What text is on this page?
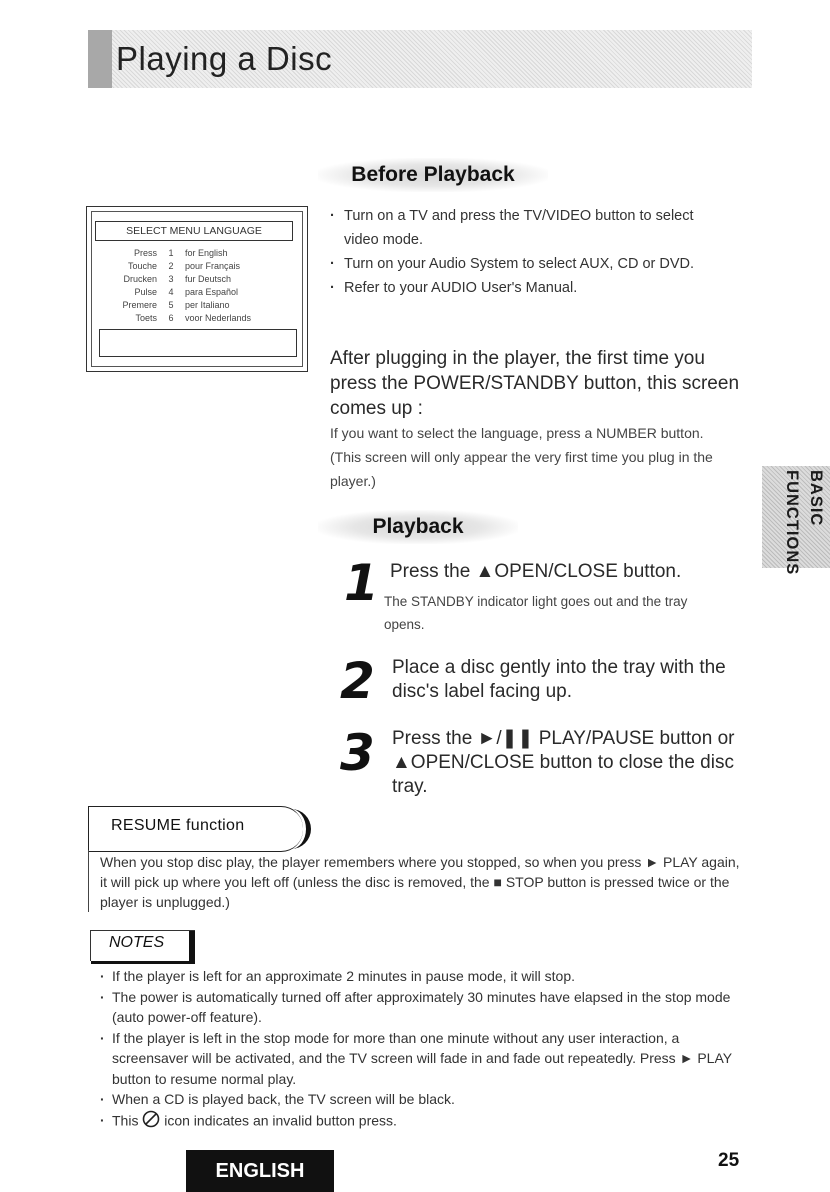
Playing a Disc
Before Playback
SELECT MENU LANGUAGE
Press	1	for English
Touche	2	pour Français
Drucken	3	fur Deutsch
Pulse	4	para Español
Premere	5	per Italiano
Toets	6	voor Nederlands
· Turn on a TV and press the TV/VIDEO button to select video mode.
· Turn on your Audio System to select AUX, CD or DVD.
· Refer to your AUDIO User's Manual.
After plugging in the player, the first time you press the POWER/STANDBY button, this screen comes up :
If you want to select the language, press a NUMBER button. (This screen will only appear the very first time you plug in the player.)
Playback
1 Press the ▲OPEN/CLOSE button.
The STANDBY indicator light goes out and the tray opens.
2 Place a disc gently into the tray with the disc's label facing up.
3 Press the ►/❚❚ PLAY/PAUSE button or ▲OPEN/CLOSE button to close the disc tray.
RESUME function
When you stop disc play, the player remembers where you stopped, so when you press ► PLAY again, it will pick up where you left off (unless the disc is removed, the ■ STOP button is pressed twice or the player is unplugged.)
NOTES
· If the player is left for an approximate 2 minutes in pause mode, it will stop.
· The power is automatically turned off after approximately 30 minutes have elapsed in the stop mode (auto power-off feature).
· If the player is left in the stop mode for more than one minute without any user interaction, a screensaver will be activated, and the TV screen will fade in and fade out repeatedly. Press ► PLAY button to resume normal play.
· When a CD is played back, the TV screen will be black.
· This icon indicates an invalid button press.
BASIC
FUNCTIONS
25
ENGLISH
